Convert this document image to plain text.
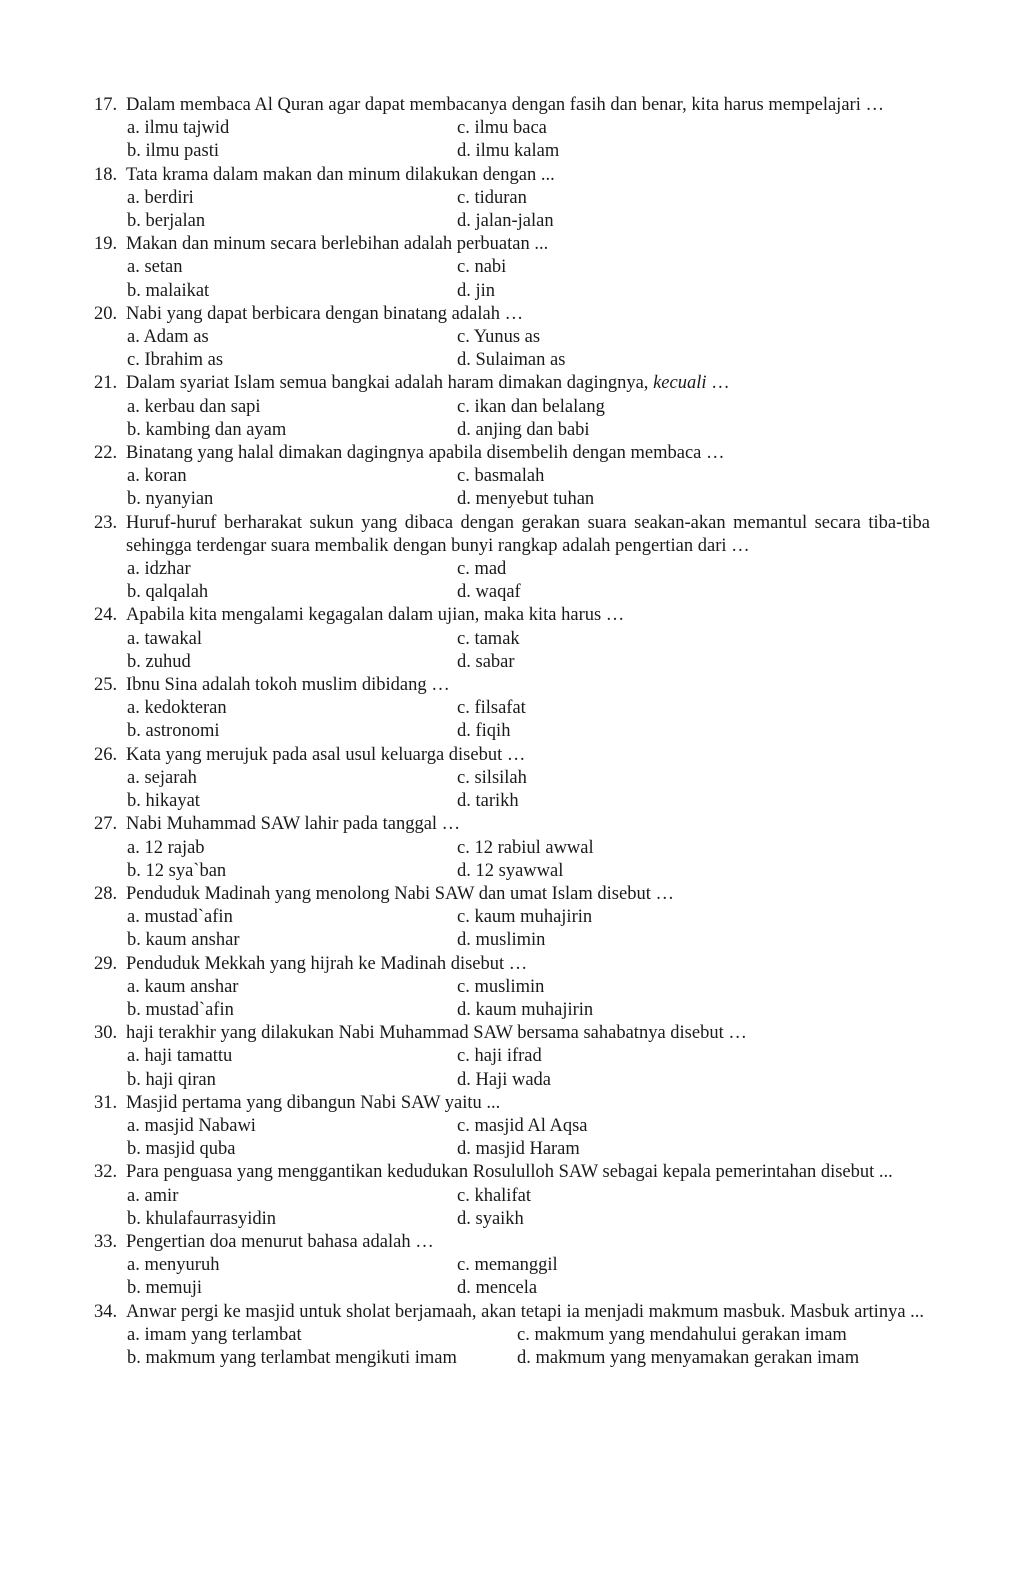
17. Dalam membaca Al Quran agar dapat membacanya dengan fasih dan benar, kita harus mempelajari …
a. ilmu tajwid	c. ilmu baca
b. ilmu pasti	d. ilmu kalam
18. Tata krama dalam makan dan minum dilakukan dengan ...
a. berdiri	c. tiduran
b. berjalan	d. jalan-jalan
19. Makan dan minum secara berlebihan adalah perbuatan ...
a. setan	c. nabi
b. malaikat	d. jin
20. Nabi yang dapat berbicara dengan binatang adalah …
a. Adam as	c. Yunus as
c. Ibrahim as	d. Sulaiman as
21. Dalam syariat Islam semua bangkai adalah haram dimakan dagingnya, kecuali …
a. kerbau dan sapi	c. ikan dan belalang
b. kambing dan ayam	d. anjing dan babi
22. Binatang yang halal dimakan dagingnya apabila disembelih dengan membaca …
a. koran	c. basmalah
b. nyanyian	d. menyebut tuhan
23. Huruf-huruf berharakat sukun yang dibaca dengan gerakan suara seakan-akan memantul secara tiba-tiba sehingga terdengar suara membalik dengan bunyi rangkap adalah pengertian dari …
a. idzhar	c. mad
b. qalqalah	d. waqaf
24. Apabila kita mengalami kegagalan dalam ujian, maka kita harus …
a. tawakal	c. tamak
b. zuhud	d. sabar
25. Ibnu Sina adalah tokoh muslim dibidang …
a. kedokteran	c. filsafat
b. astronomi	d. fiqih
26. Kata yang merujuk pada asal usul keluarga disebut …
a. sejarah	c. silsilah
b. hikayat	d. tarikh
27. Nabi Muhammad SAW lahir pada tanggal …
a. 12 rajab	c. 12 rabiul awwal
b. 12 sya`ban	d. 12 syawwal
28. Penduduk Madinah yang menolong Nabi SAW dan umat Islam disebut …
a. mustad`afin	c. kaum muhajirin
b. kaum anshar	d. muslimin
29. Penduduk Mekkah yang hijrah ke Madinah disebut …
a. kaum anshar	c. muslimin
b. mustad`afin	d. kaum muhajirin
30. haji terakhir yang dilakukan Nabi Muhammad SAW bersama sahabatnya disebut …
a. haji tamattu	c. haji ifrad
b. haji qiran	d. Haji wada
31. Masjid pertama yang dibangun Nabi SAW yaitu ...
a. masjid Nabawi	c. masjid Al Aqsa
b. masjid quba	d. masjid Haram
32. Para penguasa yang menggantikan kedudukan Rosululloh SAW sebagai kepala pemerintahan disebut ...
a. amir	c. khalifat
b. khulafaurrasyidin	d. syaikh
33. Pengertian doa menurut bahasa adalah …
a. menyuruh	c. memanggil
b. memuji	d. mencela
34. Anwar pergi ke masjid untuk sholat berjamaah, akan tetapi ia menjadi makmum masbuk. Masbuk artinya ...
a. imam yang terlambat	c. makmum yang mendahului gerakan imam
b. makmum yang terlambat mengikuti imam	d. makmum yang menyamakan gerakan imam
